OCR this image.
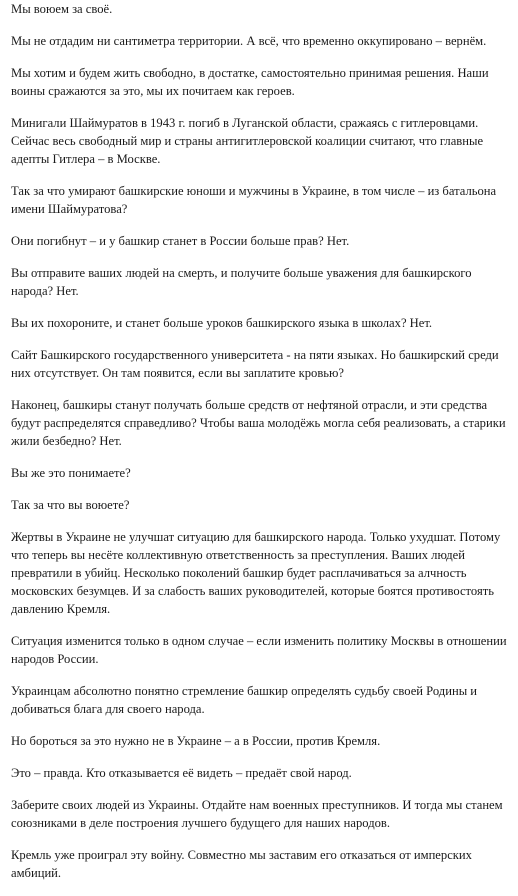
Мы воюем за своё.

Мы не отдадим ни сантиметра территории. А всё, что временно оккупировано – вернём.

Мы хотим и будем жить свободно, в достатке, самостоятельно принимая решения. Наши воины сражаются за это, мы их почитаем как героев.

Минигали Шаймуратов в 1943 г. погиб в Луганской области, сражаясь с гитлеровцами. Сейчас весь свободный мир и страны антигитлеровской коалиции считают, что главные адепты Гитлера – в Москве.

Так за что умирают башкирские юноши и мужчины в Украине, в том числе – из батальона имени Шаймуратова?

Они погибнут – и у башкир станет в России больше прав? Нет.

Вы отправите ваших людей на смерть, и получите больше уважения для башкирского народа? Нет.

Вы их похороните, и станет больше уроков башкирского языка в школах? Нет.

Сайт Башкирского государственного университета - на пяти языках. Но башкирский среди них отсутствует. Он там появится, если вы заплатите кровью?

Наконец, башкиры станут получать больше средств от нефтяной отрасли, и эти средства будут распределятся справедливо? Чтобы ваша молодёжь могла себя реализовать, а старики жили безбедно? Нет.

Вы же это понимаете?

Так за что вы воюете?

Жертвы в Украине не улучшат ситуацию для башкирского народа. Только ухудшат. Потому что теперь вы несёте коллективную ответственность за преступления. Ваших людей превратили в убийц. Несколько поколений башкир будет расплачиваться за алчность московских безумцев. И за слабость ваших руководителей, которые боятся противостоять давлению Кремля.

Ситуация изменится только в одном случае – если изменить политику Москвы в отношении народов России.

Украинцам абсолютно понятно стремление башкир определять судьбу своей Родины и добиваться блага для своего народа.

Но бороться за это нужно не в Украине – а в России, против Кремля.

Это – правда. Кто отказывается её видеть – предаёт свой народ.

Заберите своих людей из Украины. Отдайте нам военных преступников. И тогда мы станем союзниками в деле построения лучшего будущего для наших народов.

Кремль уже проиграл эту войну. Совместно мы заставим его отказаться от имперских амбиций.
